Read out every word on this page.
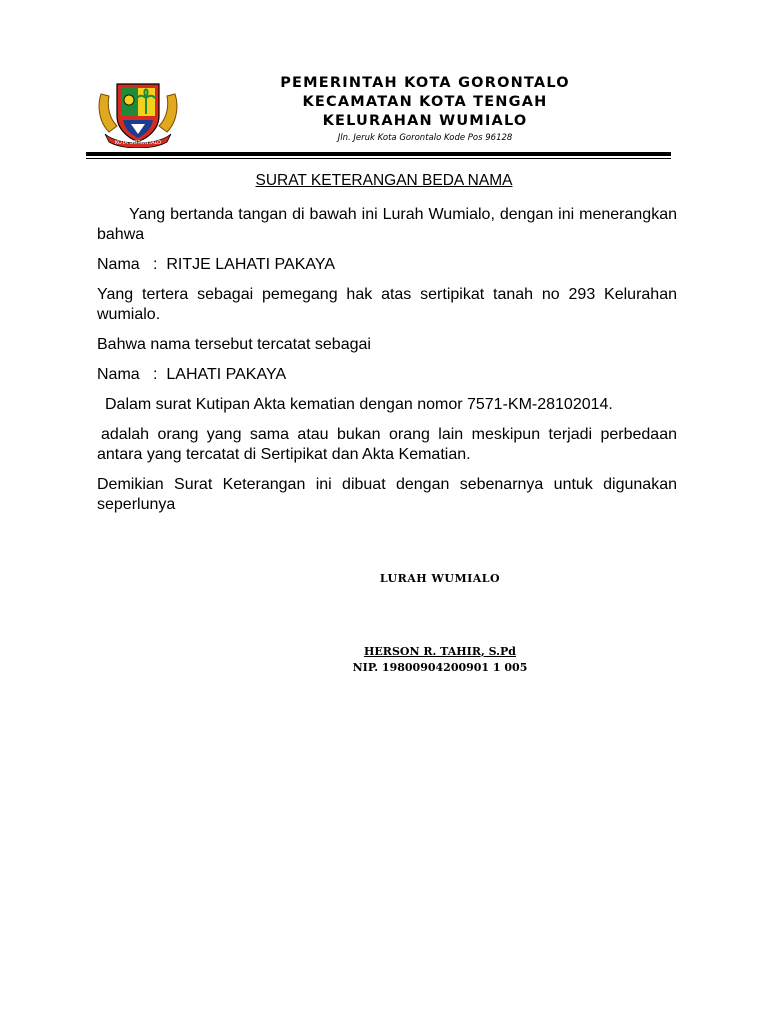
KOTA GORONTALO
PEMERINTAH KOTA GORONTALO
KECAMATAN KOTA TENGAH
KELURAHAN WUMIALO
Jln. Jeruk Kota Gorontalo Kode Pos 96128
SURAT KETERANGAN BEDA NAMA

Yang bertanda tangan di bawah ini Lurah Wumialo, dengan ini menerangkan bahwa

Nama   :  RITJE LAHATI PAKAYA

Yang tertera sebagai pemegang hak atas sertipikat tanah no 293 Kelurahan wumialo.

Bahwa nama tersebut tercatat sebagai

Nama   :  LAHATI PAKAYA

Dalam surat Kutipan Akta kematian dengan nomor 7571-KM-28102014.

adalah orang yang sama atau bukan orang lain meskipun terjadi perbedaan antara yang tercatat di Sertipikat dan Akta Kematian.

Demikian Surat Keterangan ini dibuat dengan sebenarnya untuk digunakan seperlunya

LURAH WUMIALO
HERSON R. TAHIR, S.Pd
NIP. 19800904200901 1 005
